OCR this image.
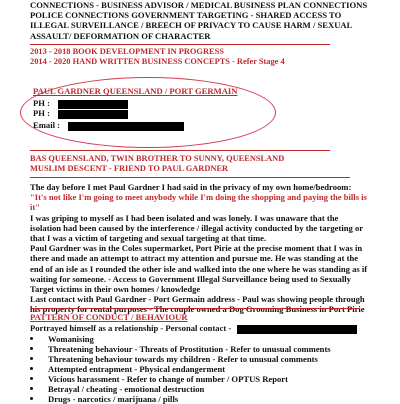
CONNECTIONS - BUSINESS ADVISOR / MEDICAL BUSINESS PLAN CONNECTIONS
POLICE CONNECTIONS GOVERNMENT TARGETING - SHARED ACCESS TO
ILLEGAL SURVEILLANCE / BREECH OF PRIVACY TO CAUSE HARM / SEXUAL
ASSAULT/ DEFORMATION OF CHARACTER
2013 - 2018 BOOK DEVELOPMENT IN PROGRESS
2014 - 2020 HAND WRITTEN BUSINESS CONCEPTS - Refer Stage 4
PAUL GARDNER QUEENSLAND / PORT GERMAIN
PH :
PH :
Email :
BAS QUEENSLAND, TWIN BROTHER TO SUNNY, QUEENSLAND
MUSLIM DESCENT - FRIEND TO PAUL GARDNER
The day before I met Paul Gardner I had said in the privacy of my own home/bedroom:
"It's not like I'm going to meet anybody while I'm doing the shopping and paying the bills is
it"
I was griping to myself as I had been isolated and was lonely. I was unaware that the
isolation had been caused by the interference / illegal activity conducted by the targeting or
that I was a victim of targeting and sexual targeting at that time.
Paul Gardner was in the Coles supermarket, Port Pirie at the precise moment that I was in
there and made an attempt to attract my attention and pursue me. He was standing at the
end of an isle as I rounded the other isle and walked into the one where he was standing as if
waiting for someone. - Access to Government Illegal Surveillance being used to Sexually
Target victims in their own homes / knowledge
Last contact with Paul Gardner - Port Germain address - Paul was showing people through
his property for rental purposes - The couple owned a Dog Grooming Business in Port Pirie
PATTERN OF CONDUCT / BEHAVIOUR
Portrayed himself as a relationship - Personal contact -
Womanising
Threatening behaviour - Threats of Prostitution - Refer to unusual comments
Threatening behaviour towards my children - Refer to unusual comments
Attempted entrapment - Physical endangerment
Vicious harassment - Refer to change of number / OPTUS Report
Betrayal / cheating - emotional destruction
Drugs - narcotics / marijuana / pills
